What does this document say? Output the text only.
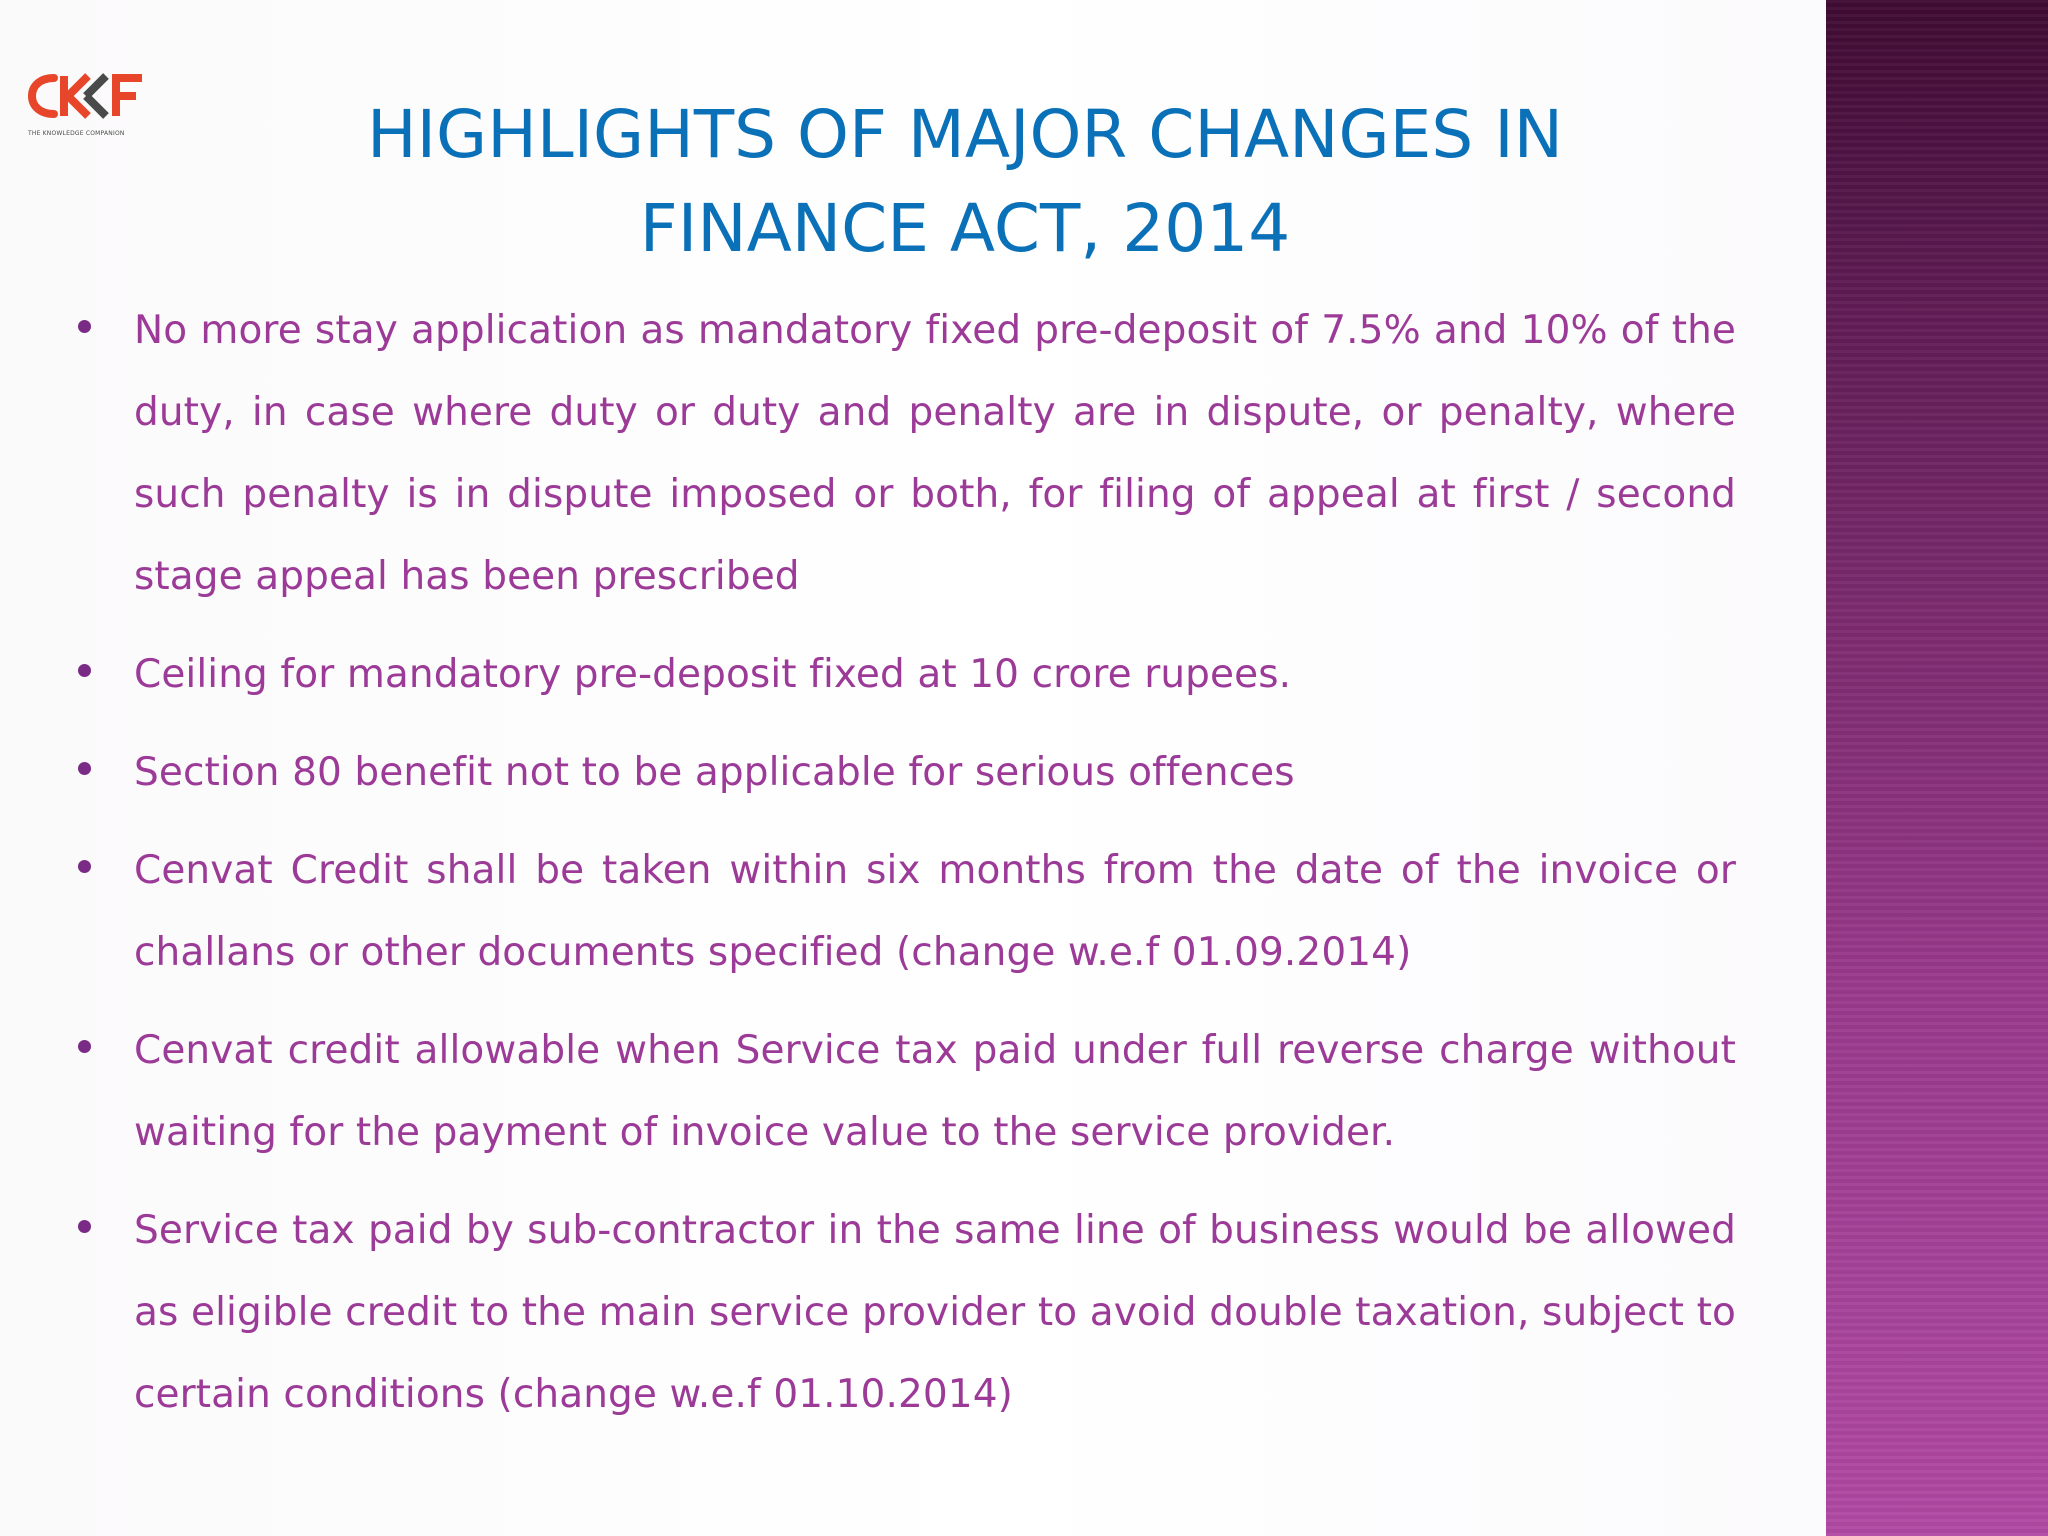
THE KNOWLEDGE COMPANION	HIGHLIGHTS OF MAJOR CHANGES IN
FINANCE ACT, 2014
No more stay application as mandatory fixed pre-deposit of 7.5% and 10% of the duty, in case where duty or duty and penalty are in dispute, or penalty, where such penalty is in dispute imposed or both, for filing of appeal at first / second stage appeal has been prescribed
Ceiling for mandatory pre-deposit fixed at 10 crore rupees.
Section 80 benefit not to be applicable for serious offences
Cenvat Credit shall be taken within six months from the date of the invoice or challans or other documents specified (change w.e.f 01.09.2014)
Cenvat credit allowable when Service tax paid under full reverse charge without waiting for the payment of invoice value to the service provider.
Service tax paid by sub-contractor in the same line of business would be allowed as eligible credit to the main service provider to avoid double taxation, subject to certain conditions (change w.e.f 01.10.2014)
